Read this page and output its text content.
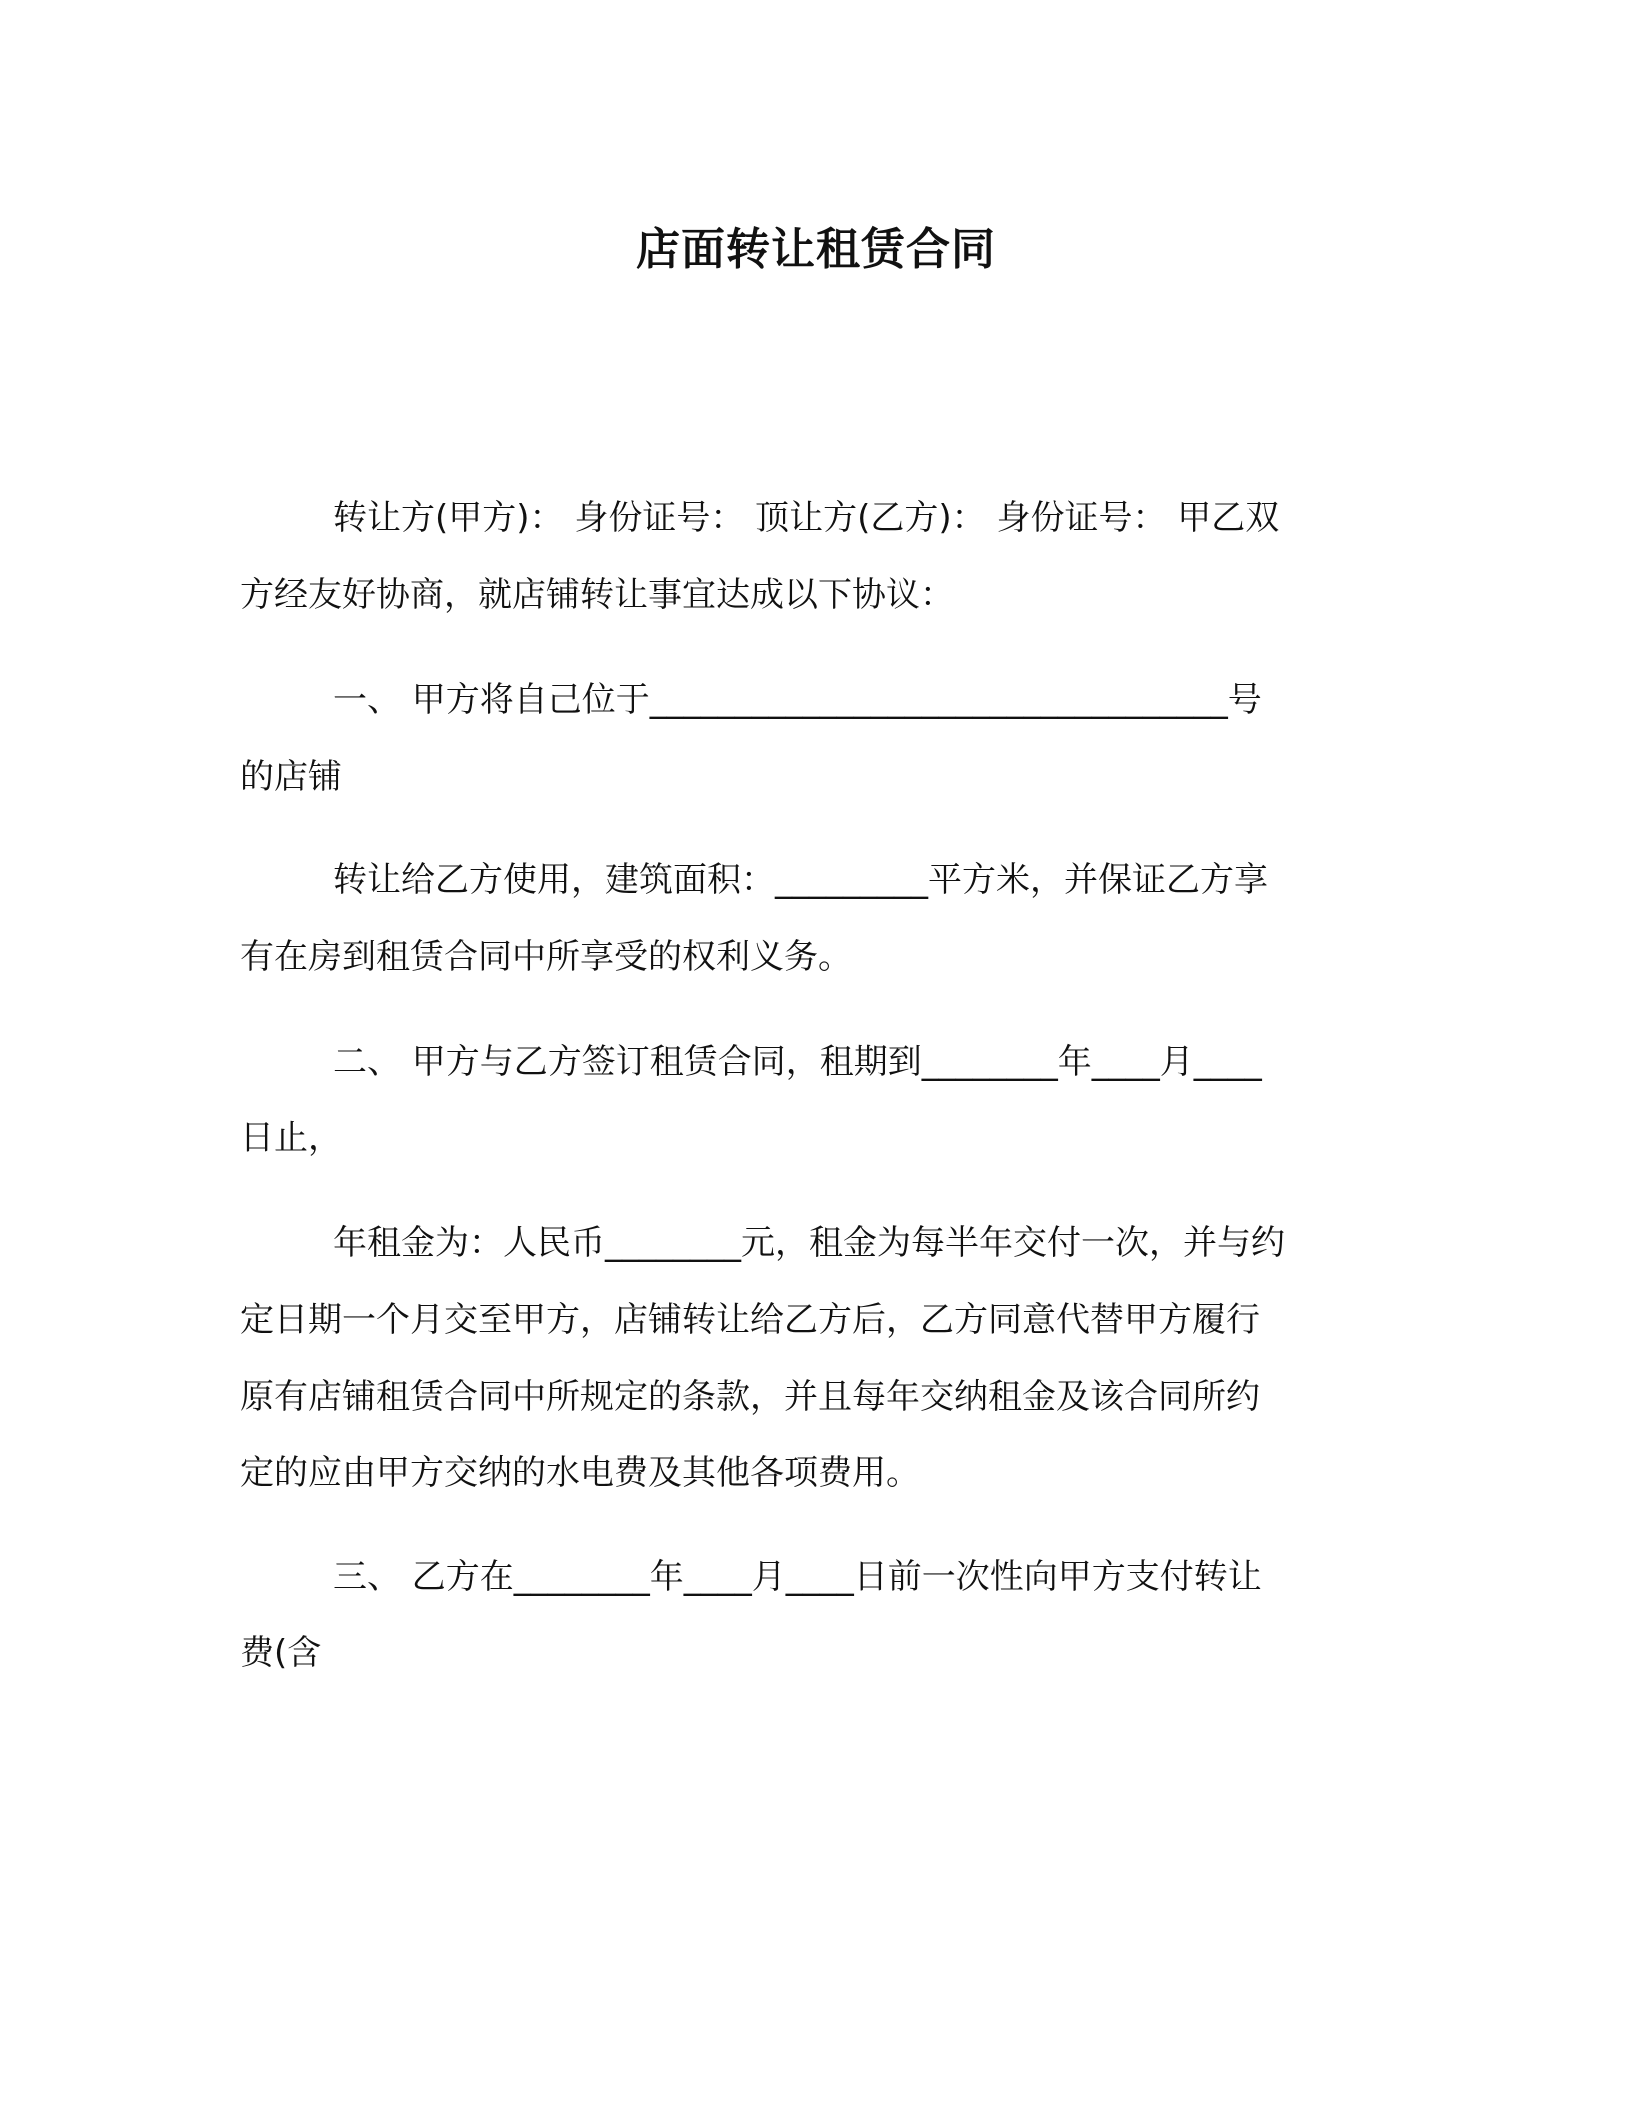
店面转让租赁合同
转让方(甲方)： 身份证号： 顶让方(乙方)： 身份证号： 甲乙双
方经友好协商，就店铺转让事宜达成以下协议：
一、 甲方将自己位于__________________________________号
的店铺
转让给乙方使用，建筑面积：_________平方米，并保证乙方享
有在房到租赁合同中所享受的权利义务。
二、 甲方与乙方签订租赁合同，租期到________年____月____
日止，
年租金为：人民币________元，租金为每半年交付一次，并与约
定日期一个月交至甲方，店铺转让给乙方后，乙方同意代替甲方履行
原有店铺租赁合同中所规定的条款，并且每年交纳租金及该合同所约
定的应由甲方交纳的水电费及其他各项费用。
三、 乙方在________年____月____日前一次性向甲方支付转让
费(含
